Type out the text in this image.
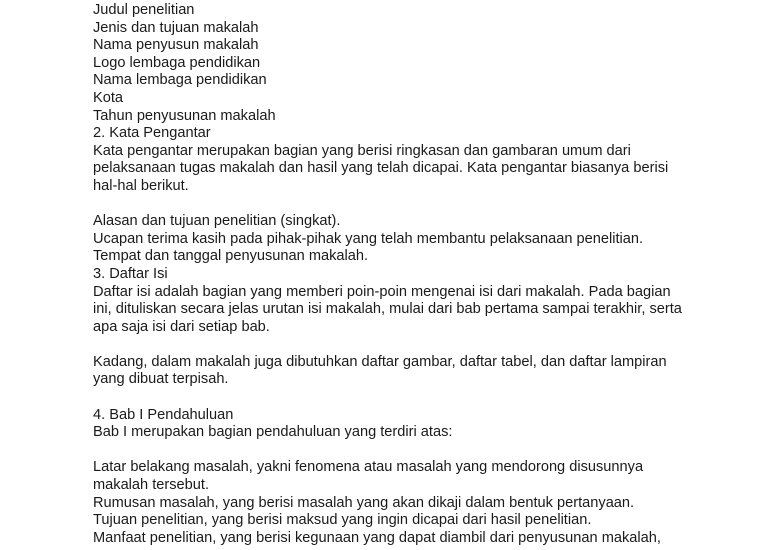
Judul penelitian
Jenis dan tujuan makalah
Nama penyusun makalah
Logo lembaga pendidikan
Nama lembaga pendidikan
Kota
Tahun penyusunan makalah
2. Kata Pengantar
Kata pengantar merupakan bagian yang berisi ringkasan dan gambaran umum dari
pelaksanaan tugas makalah dan hasil yang telah dicapai. Kata pengantar biasanya berisi
hal-hal berikut.
Alasan dan tujuan penelitian (singkat).
Ucapan terima kasih pada pihak-pihak yang telah membantu pelaksanaan penelitian.
Tempat dan tanggal penyusunan makalah.
3. Daftar Isi
Daftar isi adalah bagian yang memberi poin-poin mengenai isi dari makalah. Pada bagian
ini, dituliskan secara jelas urutan isi makalah, mulai dari bab pertama sampai terakhir, serta
apa saja isi dari setiap bab.
Kadang, dalam makalah juga dibutuhkan daftar gambar, daftar tabel, dan daftar lampiran
yang dibuat terpisah.
4. Bab I Pendahuluan
Bab I merupakan bagian pendahuluan yang terdiri atas:
Latar belakang masalah, yakni fenomena atau masalah yang mendorong disusunnya
makalah tersebut.
Rumusan masalah, yang berisi masalah yang akan dikaji dalam bentuk pertanyaan.
Tujuan penelitian, yang berisi maksud yang ingin dicapai dari hasil penelitian.
Manfaat penelitian, yang berisi kegunaan yang dapat diambil dari penyusunan makalah,
